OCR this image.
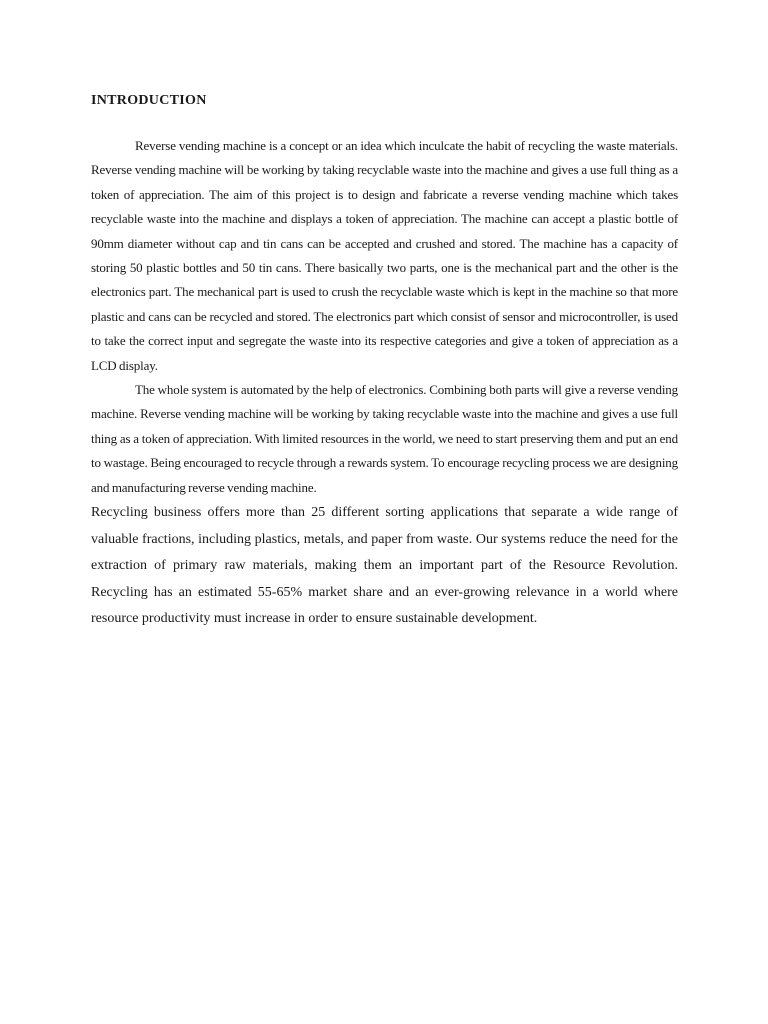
INTRODUCTION

Reverse vending machine is a concept or an idea which inculcate the habit of recycling the waste materials. Reverse vending machine will be working by taking recyclable waste into the machine and gives a use full thing as a token of appreciation. The aim of this project is to design and fabricate a reverse vending machine which takes recyclable waste into the machine and displays a token of appreciation. The machine can accept a plastic bottle of 90mm diameter without cap and tin cans can be accepted and crushed and stored. The machine has a capacity of storing 50 plastic bottles and 50 tin cans. There basically two parts, one is the mechanical part and the other is the electronics part. The mechanical part is used to crush the recyclable waste which is kept in the machine so that more plastic and cans can be recycled and stored. The electronics part which consist of sensor and microcontroller, is used to take the correct input and segregate the waste into its respective categories and give a token of appreciation as a LCD display.

The whole system is automated by the help of electronics. Combining both parts will give a reverse vending machine. Reverse vending machine will be working by taking recyclable waste into the machine and gives a use full thing as a token of appreciation. With limited resources in the world, we need to start preserving them and put an end to wastage. Being encouraged to recycle through a rewards system. To encourage recycling process we are designing and manufacturing reverse vending machine.

Recycling business offers more than 25 different sorting applications that separate a wide range of valuable fractions, including plastics, metals, and paper from waste. Our systems reduce the need for the extraction of primary raw materials, making them an important part of the Resource Revolution. Recycling has an estimated 55-65% market share and an ever-growing relevance in a world where resource productivity must increase in order to ensure sustainable development.
